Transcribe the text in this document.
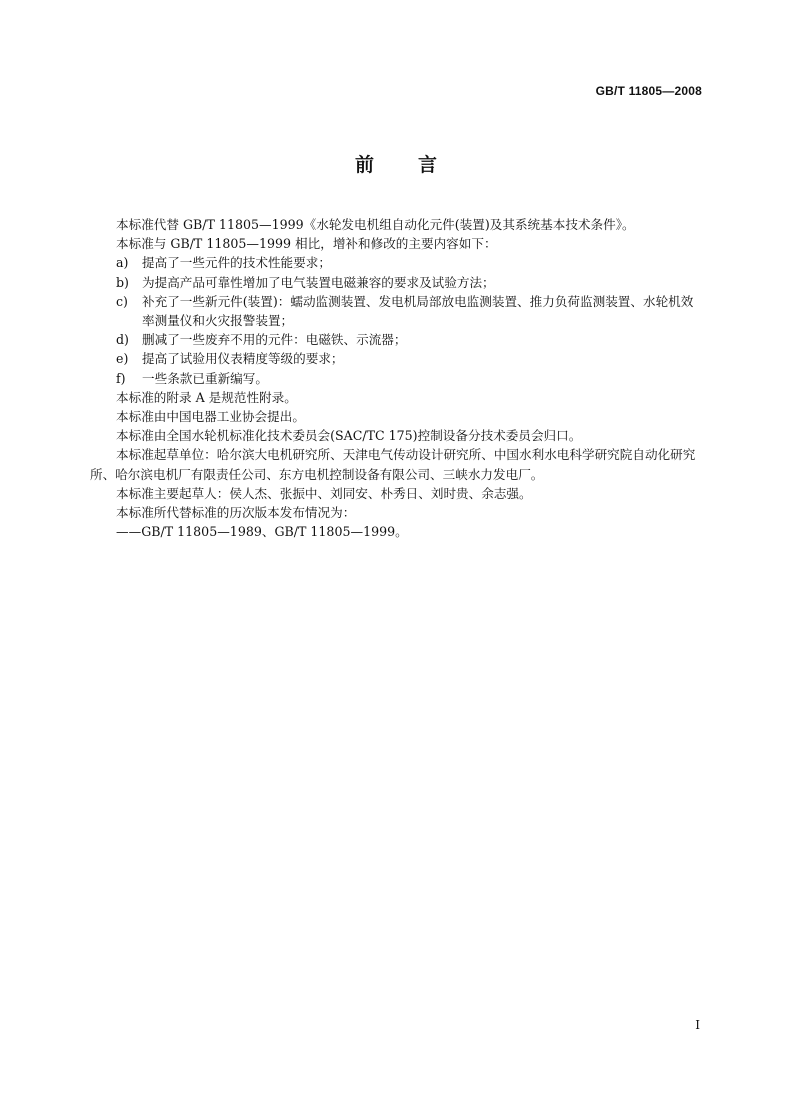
GB/T 11805—2008
前言

本标准代替 GB/T 11805—1999《水轮发电机组自动化元件(装置)及其系统基本技术条件》。

本标准与 GB/T 11805—1999 相比，增补和修改的主要内容如下：

a) 提高了一些元件的技术性能要求；

b) 为提高产品可靠性增加了电气装置电磁兼容的要求及试验方法；

c) 补充了一些新元件(装置)：蠕动监测装置、发电机局部放电监测装置、推力负荷监测装置、水轮机效率测量仪和火灾报警装置；

d) 删减了一些废弃不用的元件：电磁铁、示流器；

e) 提高了试验用仪表精度等级的要求；

f) 一些条款已重新编写。

本标准的附录 A 是规范性附录。

本标准由中国电器工业协会提出。

本标准由全国水轮机标准化技术委员会(SAC/TC 175)控制设备分技术委员会归口。

本标准起草单位：哈尔滨大电机研究所、天津电气传动设计研究所、中国水利水电科学研究院自动化研究所、哈尔滨电机厂有限责任公司、东方电机控制设备有限公司、三峡水力发电厂。

本标准主要起草人：侯人杰、张振中、刘同安、朴秀日、刘时贵、余志强。

本标准所代替标准的历次版本发布情况为：

——GB/T 11805—1989、GB/T 11805—1999。

I
